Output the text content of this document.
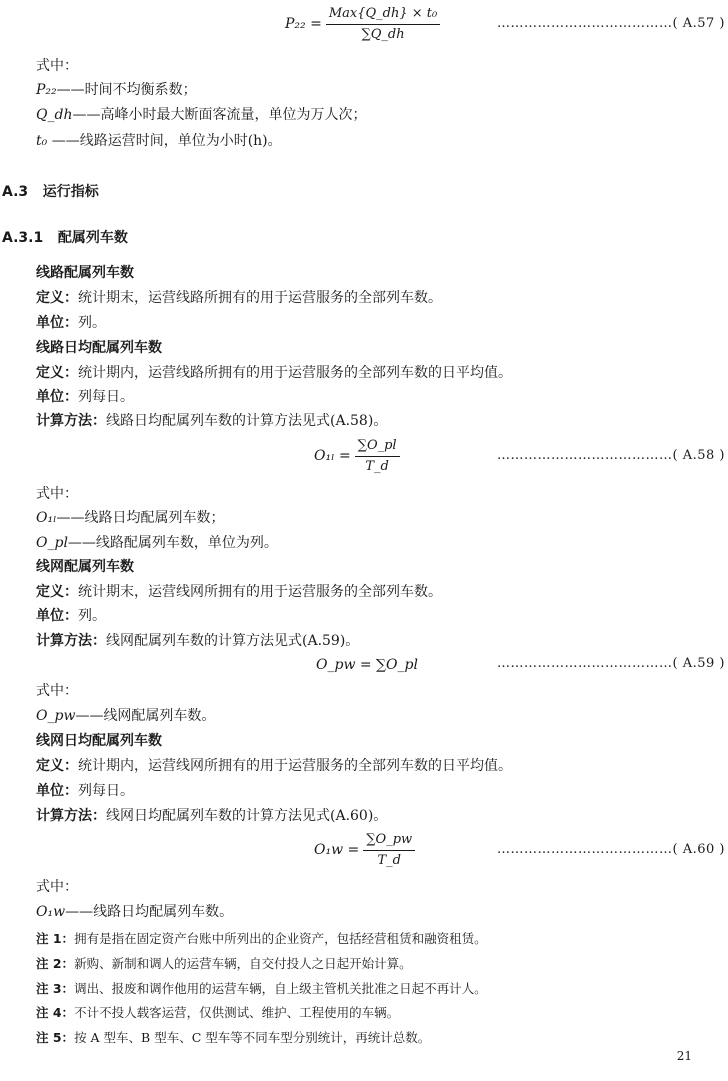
$P_{22} = \frac{\text{Max\{Q\_dh\} × t₀}}{\sum Q\_dh}$	…………………………………( A.57 )
式中：
P₂₂——时间不均衡系数；
Q_dh——高峰小时最大断面客流量，单位为万人次；
t₀ ——线路运营时间，单位为小时(h)。
A.3 运行指标
A.3.1 配属列车数
线路配属列车数
定义：统计期末，运营线路所拥有的用于运营服务的全部列车数。
单位：列。
线路日均配属列车数
定义：统计期内，运营线路所拥有的用于运营服务的全部列车数的日平均值。
单位：列每日。
计算方法：线路日均配属列车数的计算方法见式(A.58)。
$O_{1l} = \frac{\sum O\_pl}{T\_d}$	…………………………………( A.58 )
式中：
O₁ₗ——线路日均配属列车数；
O_pl——线路配属列车数，单位为列。
线网配属列车数
定义：统计期末，运营线网所拥有的用于运营服务的全部列车数。
单位：列。
计算方法：线网配属列车数的计算方法见式(A.59)。
O_pw = ∑O_pl	…………………………………( A.59 )
式中：
O_pw——线网配属列车数。
线网日均配属列车数
定义：统计期内，运营线网所拥有的用于运营服务的全部列车数的日平均值。
单位：列每日。
计算方法：线网日均配属列车数的计算方法见式(A.60)。
$O_1w = \frac{\sum O\_pw}{T\_d}$	…………………………………( A.60 )
式中：
O₁w——线路日均配属列车数。
注 1：拥有是指在固定资产台账中所列出的企业资产，包括经营租赁和融资租赁。
注 2：新购、新制和调人的运营车辆，自交付投人之日起开始计算。
注 3：调出、报废和调作他用的运营车辆，自上级主管机关批准之日起不再计人。
注 4：不计不投人载客运营，仅供测试、维护、工程使用的车辆。
注 5：按 A 型车、B 型车、C 型车等不同车型分别统计，再统计总数。
21
